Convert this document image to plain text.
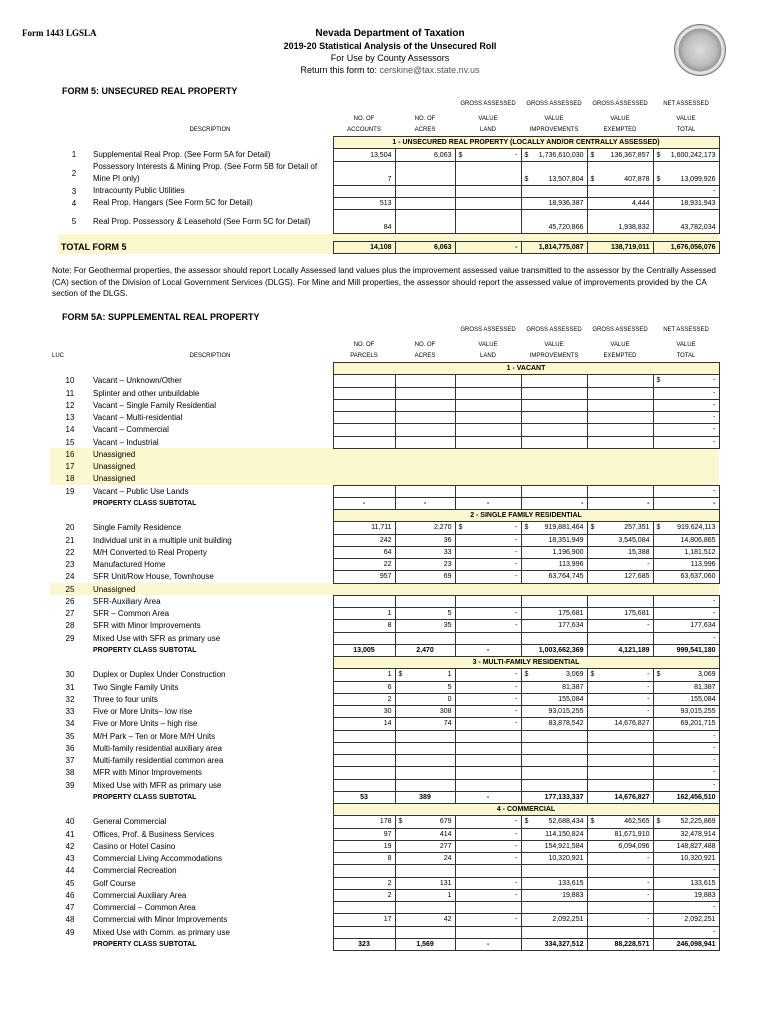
Form 1443 LGSLA	Nevada Department of Taxation
2019-20 Statistical Analysis of the Unsecured Roll
For Use by County Assessors
Return this form to: cerskine@tax.state.nv.us
FORM 5: UNSECURED REAL PROPERTY
GROSS ASSESSED	GROSS ASSESSED	GROSS ASSESSED	NET ASSESSED
NO. OF	NO. OF	VALUE	VALUE	VALUE	VALUE
DESCRIPTION	ACCOUNTS	ACRES	LAND	IMPROVEMENTS	EXEMPTED	TOTAL
		1 - UNSECURED REAL PROPERTY (LOCALLY AND/OR CENTRALLY ASSESSED)					
1	Supplemental Real Prop. (See Form 5A for Detail)	13,504	6,063	$ -	$ 1,736,610,030	$ 136,367,857	$ 1,600,242,173
2	Possessory Interests & Mining Prop. (See Form 5B for Detail of Mine PI only)	7			$ 13,507,804	$ 407,878	$ 13,099,926
3	Intracounty Public Utilities						-
4	Real Prop. Hangars (See Form 5C for Detail)	513			18,936,387	4,444	18,931,943
5	Real Prop. Possessory & Leasehold (See Form 5C for Detail)	84			45,720,866	1,938,832	43,782,034

TOTAL FORM 5		14,108	6,063	-	1,814,775,087	138,719,011	1,676,056,076
Note: For Geothermal properties, the assessor should report Locally Assessed land values plus the improvement assessed value transmitted to the assessor by the Centrally Assessed (CA) section of the Division of Local Government Services (DLGS). For Mine and Mill properties, the assessor should report the assessed value of improvements provided by the CA section of the DLGS.
FORM 5A: SUPPLEMENTAL REAL PROPERTY
GROSS ASSESSED	GROSS ASSESSED	GROSS ASSESSED	NET ASSESSED
NO. OF	NO. OF	VALUE	VALUE	VALUE	VALUE
LUC	DESCRIPTION	PARCELS	ACRES	LAND	IMPROVEMENTS	EXEMPTED	TOTAL
		1 - VACANT					
10	Vacant – Unknown/Other						$ -
11	Splinter and other unbuildable						-
12	Vacant – Single Family Residential						-
13	Vacant – Multi-residential						-
14	Vacant – Commercial						-
15	Vacant – Industrial						-
16	Unassigned						
17	Unassigned						
18	Unassigned						
19	Vacant – Public Use Lands						-
	PROPERTY CLASS SUBTOTAL	-	-	-	-	-	-
		2 - SINGLE FAMILY RESIDENTIAL					
20	Single Family Residence	11,711	2,270	$ -	$ 919,881,464	$ 257,351	$ 919,624,113
21	Individual unit in a multiple unit building	242	36	-	18,351,949	3,545,084	14,806,865
22	M/H Converted to Real Property	64	33	-	1,196,900	15,388	1,181,512
23	Manufactured Home	22	23	-	113,996	-	113,996
24	SFR Unit/Row House, Townhouse	957	69	-	63,764,745	127,685	63,637,060
25	Unassigned						
26	SFR-Auxiliary Area						-
27	SFR – Common Area	1	5	-	175,681	175,681	-
28	SFR with Minor Improvements	8	35	-	177,634	-	177,634
29	Mixed Use with SFR as primary use						-
	PROPERTY CLASS SUBTOTAL	13,005	2,470	-	1,003,662,369	4,121,189	999,541,180
		3 - MULTI-FAMILY RESIDENTIAL					
30	Duplex or Duplex Under Construction	1	$ 1	-	$ 3,069	$ -	$ 3,069
31	Two Single Family Units	6	5	-	81,387	-	81,387
32	Three to four units	2	0	-	155,084	-	155,084
33	Five or More Units– low rise	30	308	-	93,015,255	-	93,015,255
34	Five or More Units – high rise	14	74	-	83,878,542	14,676,827	69,201,715
35	M/H Park – Ten or More M/H Units						-
36	Multi-family residential auxiliary area						-
37	Multi-family residential common area						-
38	MFR with Minor Improvements						-
39	Mixed Use with MFR as primary use						-
	PROPERTY CLASS SUBTOTAL	53	389	-	177,133,337	14,676,827	162,456,510
		4 - COMMERCIAL					
40	General Commercial	178	$ 679	-	$ 52,688,434	$ 462,565	$ 52,225,869
41	Offices, Prof. & Business Services	97	414	-	114,150,824	81,671,910	32,478,914
42	Casino or Hotel Casino	19	277	-	154,921,584	6,094,096	148,827,488
43	Commercial Living Accommodations	8	24	-	10,320,921	-	10,320,921
44	Commercial Recreation						-
45	Golf Course	2	131	-	133,615	-	133,615
46	Commercial Auxiliary Area	2	1	-	19,883	-	19,883
47	Commercial – Common Area						-
48	Commercial with Minor Improvements	17	42	-	2,092,251	-	2,092,251
49	Mixed Use with Comm. as primary use						-
	PROPERTY CLASS SUBTOTAL	323	1,569	-	334,327,512	88,228,571	246,098,941
